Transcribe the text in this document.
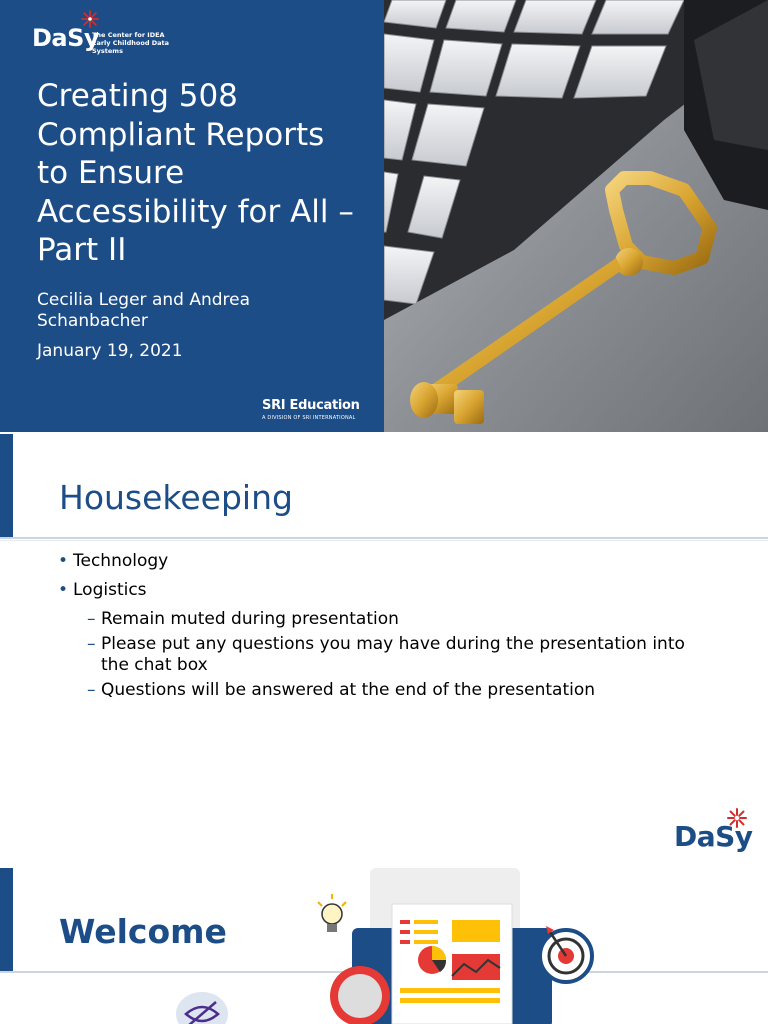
DaSy
The Center for IDEA
Early Childhood Data Systems
Creating 508
Compliant Reports
to Ensure
Accessibility for All –
Part II
Cecilia Leger and Andrea
Schanbacher
January 19, 2021
SRI Education
A DIVISION OF SRI INTERNATIONAL
Housekeeping
• Technology
• Logistics
– Remain muted during presentation
– Please put any questions you may have during the presentation into
the chat box
– Questions will be answered at the end of the presentation
DaSy
Welcome
